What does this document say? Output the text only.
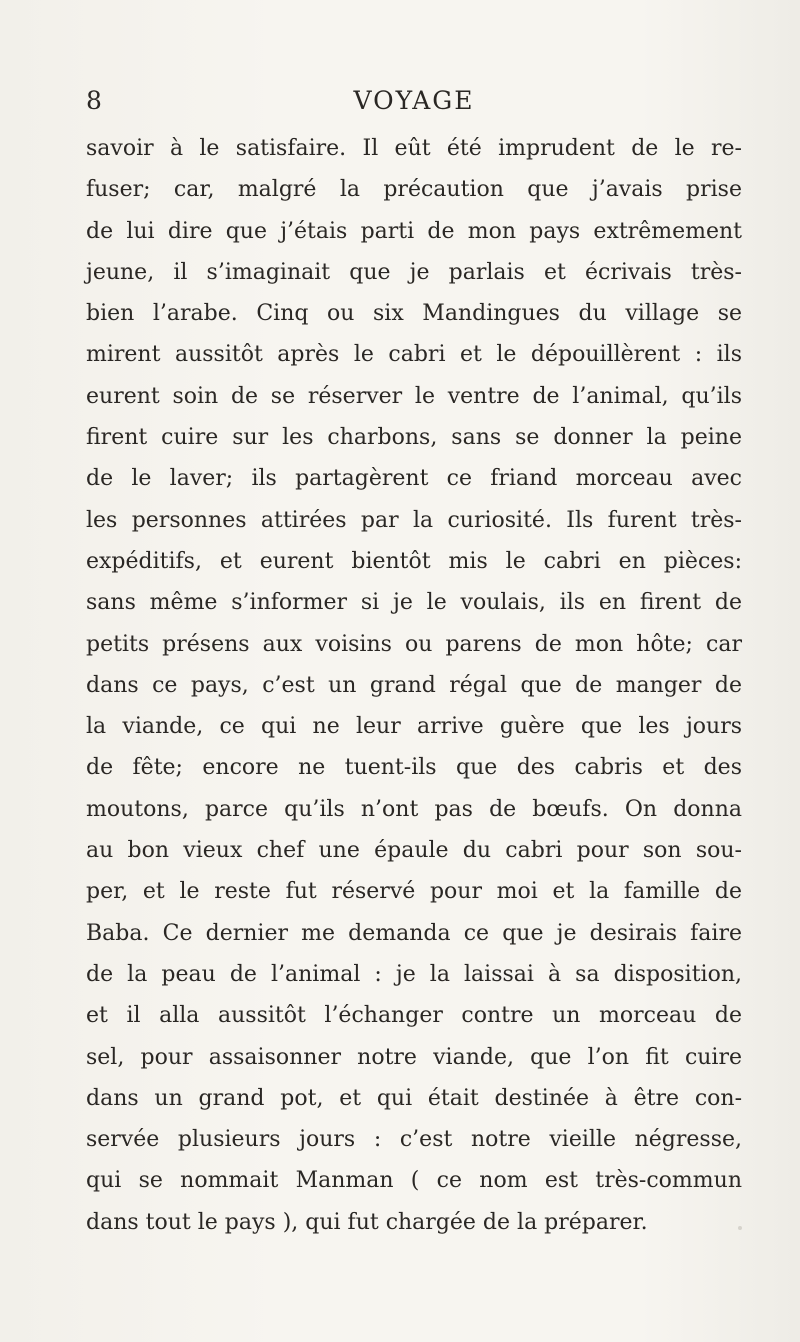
8	VOYAGE
savoir à le satisfaire. Il eût été imprudent de le re-
fuser; car, malgré la précaution que j’avais prise
de lui dire que j’étais parti de mon pays extrêmement
jeune, il s’imaginait que je parlais et écrivais très-
bien l’arabe. Cinq ou six Mandingues du village se
mirent aussitôt après le cabri et le dépouillèrent : ils
eurent soin de se réserver le ventre de l’animal, qu’ils
firent cuire sur les charbons, sans se donner la peine
de le laver; ils partagèrent ce friand morceau avec
les personnes attirées par la curiosité. Ils furent très-
expéditifs, et eurent bientôt mis le cabri en pièces:
sans même s’informer si je le voulais, ils en firent de
petits présens aux voisins ou parens de mon hôte; car
dans ce pays, c’est un grand régal que de manger de
la viande, ce qui ne leur arrive guère que les jours
de fête; encore ne tuent-ils que des cabris et des
moutons, parce qu’ils n’ont pas de bœufs. On donna
au bon vieux chef une épaule du cabri pour son sou-
per, et le reste fut réservé pour moi et la famille de
Baba. Ce dernier me demanda ce que je desirais faire
de la peau de l’animal : je la laissai à sa disposition,
et il alla aussitôt l’échanger contre un morceau de
sel, pour assaisonner notre viande, que l’on fit cuire
dans un grand pot, et qui était destinée à être con-
servée plusieurs jours : c’est notre vieille négresse,
qui se nommait Manman ( ce nom est très-commun
dans tout le pays ), qui fut chargée de la préparer.
